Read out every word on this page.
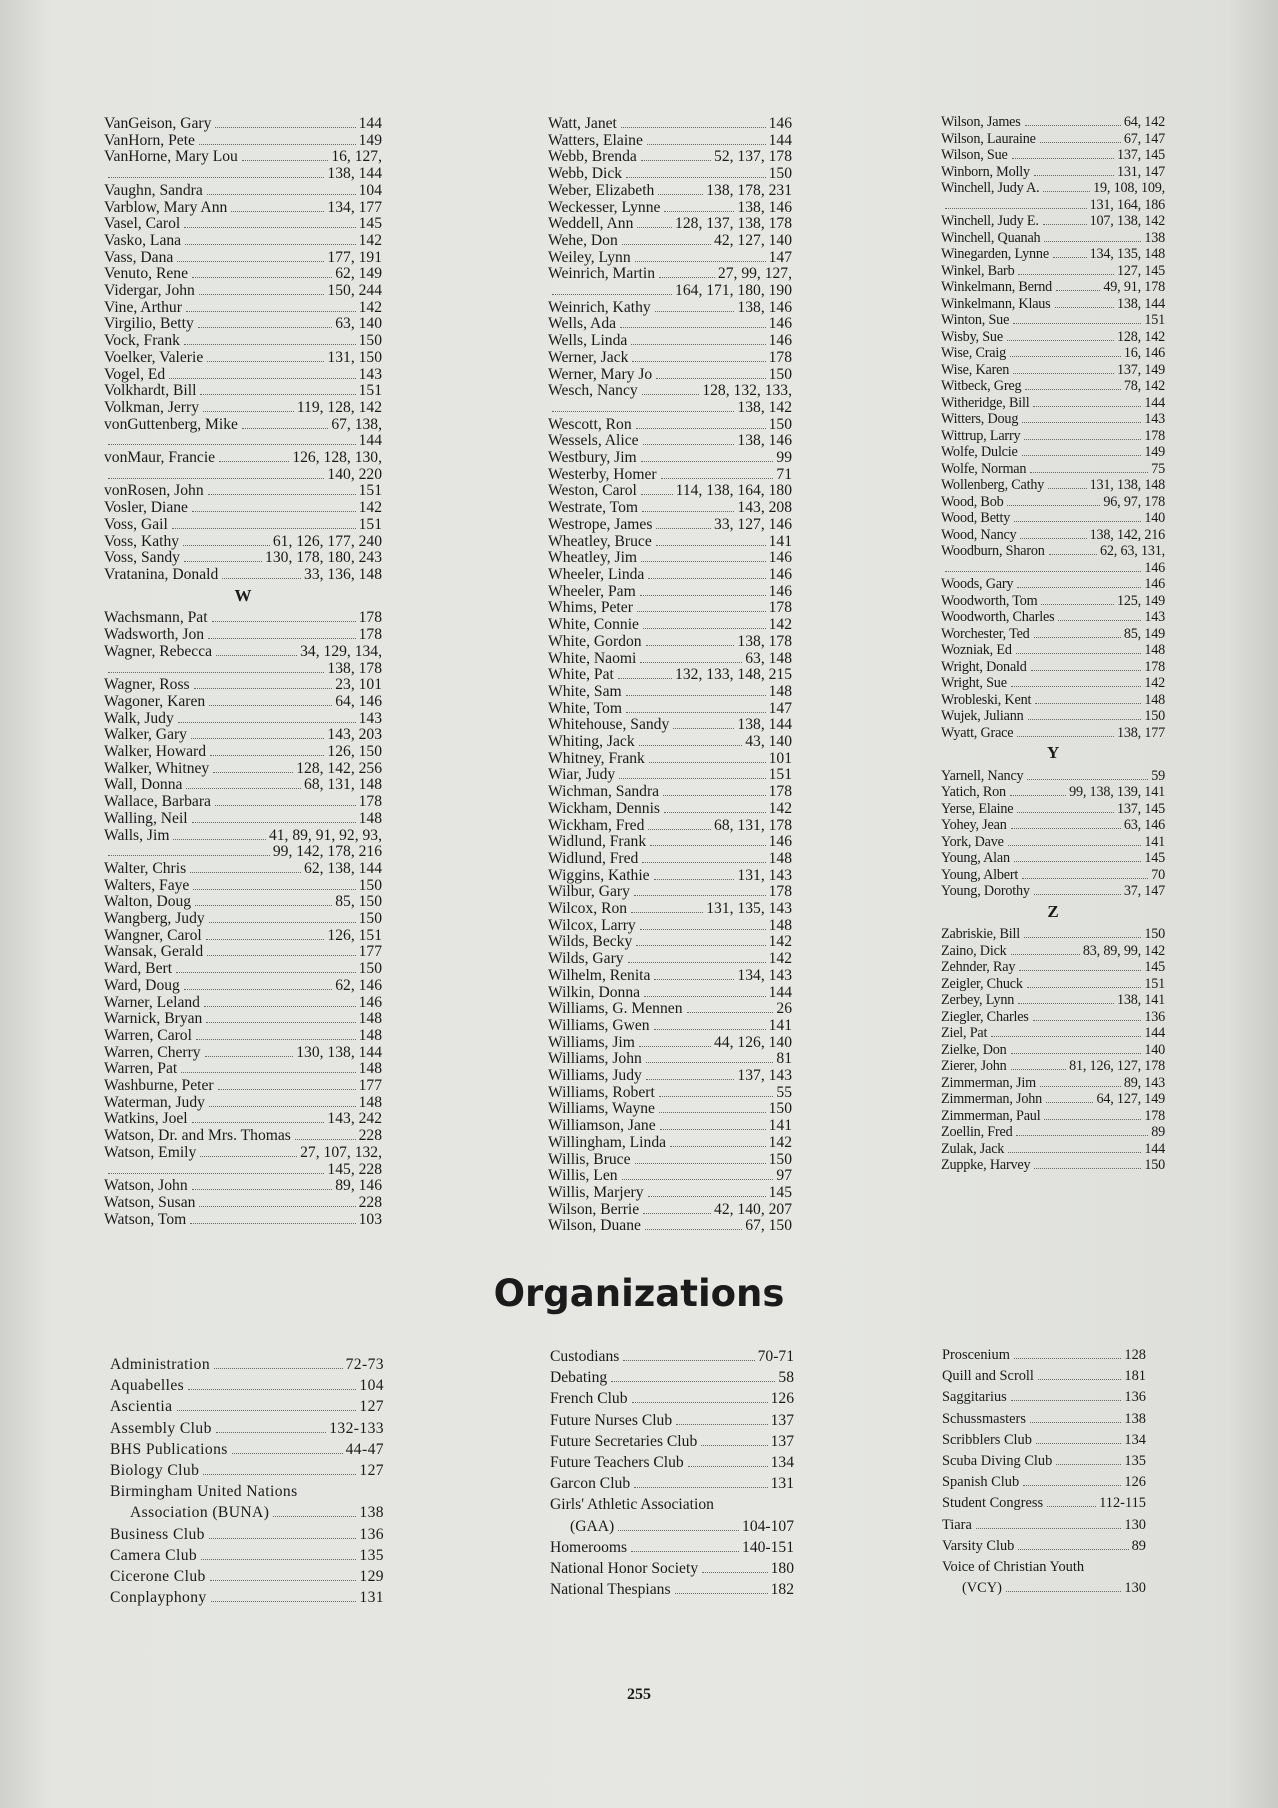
VanGeison, Gary	144
VanHorn, Pete	149
VanHorne, Mary Lou	16, 127,
138, 144
Vaughn, Sandra	104
Varblow, Mary Ann	134, 177
Vasel, Carol	145
Vasko, Lana	142
Vass, Dana	177, 191
Venuto, Rene	62, 149
Vidergar, John	150, 244
Vine, Arthur	142
Virgilio, Betty	63, 140
Vock, Frank	150
Voelker, Valerie	131, 150
Vogel, Ed	143
Volkhardt, Bill	151
Volkman, Jerry	119, 128, 142
vonGuttenberg, Mike	67, 138,
144
vonMaur, Francie	126, 128, 130,
140, 220
vonRosen, John	151
Vosler, Diane	142
Voss, Gail	151
Voss, Kathy	61, 126, 177, 240
Voss, Sandy	130, 178, 180, 243
Vratanina, Donald	33, 136, 148
W
Wachsmann, Pat	178
Wadsworth, Jon	178
Wagner, Rebecca	34, 129, 134,
138, 178
Wagner, Ross	23, 101
Wagoner, Karen	64, 146
Walk, Judy	143
Walker, Gary	143, 203
Walker, Howard	126, 150
Walker, Whitney	128, 142, 256
Wall, Donna	68, 131, 148
Wallace, Barbara	178
Walling, Neil	148
Walls, Jim	41, 89, 91, 92, 93,
99, 142, 178, 216
Walter, Chris	62, 138, 144
Walters, Faye	150
Walton, Doug	85, 150
Wangberg, Judy	150
Wangner, Carol	126, 151
Wansak, Gerald	177
Ward, Bert	150
Ward, Doug	62, 146
Warner, Leland	146
Warnick, Bryan	148
Warren, Carol	148
Warren, Cherry	130, 138, 144
Warren, Pat	148
Washburne, Peter	177
Waterman, Judy	148
Watkins, Joel	143, 242
Watson, Dr. and Mrs. Thomas	228
Watson, Emily	27, 107, 132,
145, 228
Watson, John	89, 146
Watson, Susan	228
Watson, Tom	103
Watt, Janet	146
Watters, Elaine	144
Webb, Brenda	52, 137, 178
Webb, Dick	150
Weber, Elizabeth	138, 178, 231
Weckesser, Lynne	138, 146
Weddell, Ann	128, 137, 138, 178
Wehe, Don	42, 127, 140
Weiley, Lynn	147
Weinrich, Martin	27, 99, 127,
164, 171, 180, 190
Weinrich, Kathy	138, 146
Wells, Ada	146
Wells, Linda	146
Werner, Jack	178
Werner, Mary Jo	150
Wesch, Nancy	128, 132, 133,
138, 142
Wescott, Ron	150
Wessels, Alice	138, 146
Westbury, Jim	99
Westerby, Homer	71
Weston, Carol 114, 138, 164, 180
Westrate, Tom	143, 208
Westrope, James	33, 127, 146
Wheatley, Bruce	141
Wheatley, Jim	146
Wheeler, Linda	146
Wheeler, Pam	146
Whims, Peter	178
White, Connie	142
White, Gordon	138, 178
White, Naomi	63, 148
White, Pat	132, 133, 148, 215
White, Sam	148
White, Tom	147
Whitehouse, Sandy	138, 144
Whiting, Jack	43, 140
Whitney, Frank	101
Wiar, Judy	151
Wichman, Sandra	178
Wickham, Dennis	142
Wickham, Fred	68, 131, 178
Widlund, Frank	146
Widlund, Fred	148
Wiggins, Kathie	131, 143
Wilbur, Gary	178
Wilcox, Ron	131, 135, 143
Wilcox, Larry	148
Wilds, Becky	142
Wilds, Gary	142
Wilhelm, Renita	134, 143
Wilkin, Donna	144
Williams, G. Mennen	26
Williams, Gwen	141
Williams, Jim	44, 126, 140
Williams, John	81
Williams, Judy	137, 143
Williams, Robert	55
Williams, Wayne	150
Williamson, Jane	141
Willingham, Linda	142
Willis, Bruce	150
Willis, Len	97
Willis, Marjery	145
Wilson, Berrie	42, 140, 207
Wilson, Duane	67, 150
Wilson, James	64, 142
Wilson, Lauraine	67, 147
Wilson, Sue	137, 145
Winborn, Molly	131, 147
Winchell, Judy A.	19, 108, 109,
131, 164, 186
Winchell, Judy E.	107, 138, 142
Winchell, Quanah	138
Winegarden, Lynne	134, 135, 148
Winkel, Barb	127, 145
Winkelmann, Bernd	49, 91, 178
Winkelmann, Klaus	138, 144
Winton, Sue	151
Wisby, Sue	128, 142
Wise, Craig	16, 146
Wise, Karen	137, 149
Witbeck, Greg	78, 142
Witheridge, Bill	144
Witters, Doug	143
Wittrup, Larry	178
Wolfe, Dulcie	149
Wolfe, Norman	75
Wollenberg, Cathy	131, 138, 148
Wood, Bob	96, 97, 178
Wood, Betty	140
Wood, Nancy	138, 142, 216
Woodburn, Sharon	62, 63, 131,
146
Woods, Gary	146
Woodworth, Tom	125, 149
Woodworth, Charles	143
Worchester, Ted	85, 149
Wozniak, Ed	148
Wright, Donald	178
Wright, Sue	142
Wrobleski, Kent	148
Wujek, Juliann	150
Wyatt, Grace	138, 177
Y
Yarnell, Nancy	59
Yatich, Ron	99, 138, 139, 141
Yerse, Elaine	137, 145
Yohey, Jean	63, 146
York, Dave	141
Young, Alan	145
Young, Albert	70
Young, Dorothy	37, 147
Z
Zabriskie, Bill	150
Zaino, Dick	83, 89, 99, 142
Zehnder, Ray	145
Zeigler, Chuck	151
Zerbey, Lynn	138, 141
Ziegler, Charles	136
Ziel, Pat	144
Zielke, Don	140
Zierer, John	81, 126, 127, 178
Zimmerman, Jim	89, 143
Zimmerman, John	64, 127, 149
Zimmerman, Paul	178
Zoellin, Fred	89
Zulak, Jack	144
Zuppke, Harvey	150
Organizations
Administration	72-73
Aquabelles	104
Ascientia	127
Assembly Club	132-133
BHS Publications	44-47
Biology Club	127
Birmingham United Nations
Association (BUNA)	138
Business Club	136
Camera Club	135
Cicerone Club	129
Conplayphony	131
Custodians	70-71
Debating	58
French Club	126
Future Nurses Club	137
Future Secretaries Club	137
Future Teachers Club	134
Garcon Club	131
Girls' Athletic Association
(GAA)	104-107
Homerooms	140-151
National Honor Society	180
National Thespians	182
Proscenium	128
Quill and Scroll	181
Saggitarius	136
Schussmasters	138
Scribblers Club	134
Scuba Diving Club	135
Spanish Club	126
Student Congress	112-115
Tiara	130
Varsity Club	89
Voice of Christian Youth
(VCY)	130
255
